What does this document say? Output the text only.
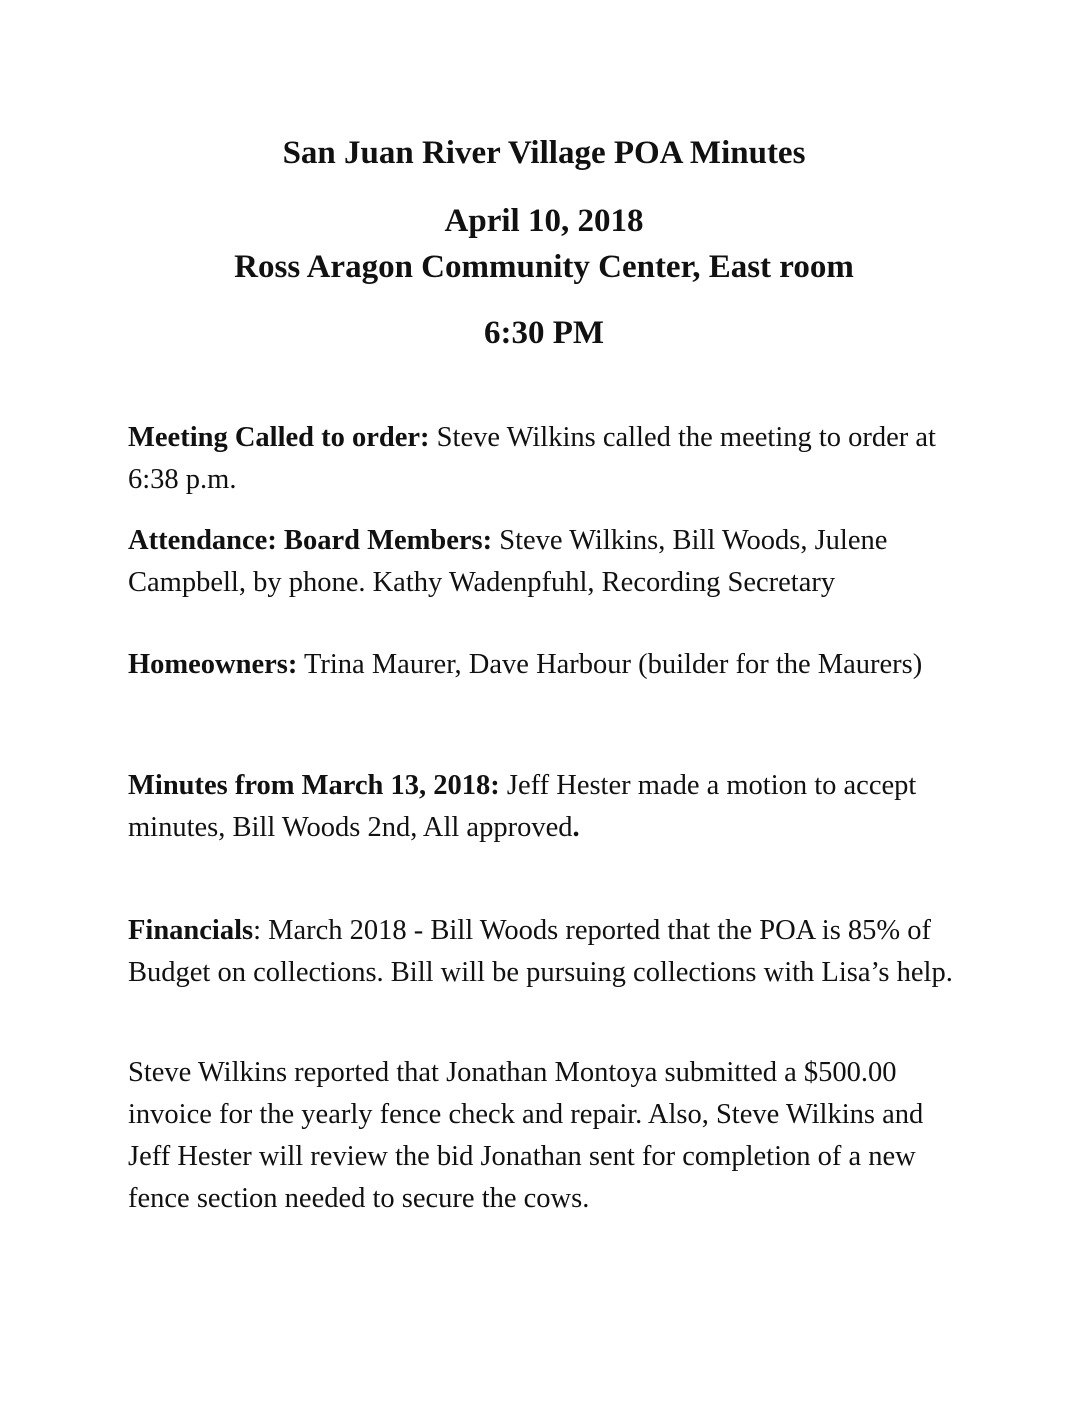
San Juan River Village POA Minutes
April 10, 2018
Ross Aragon Community Center, East room
6:30 PM

Meeting Called to order: Steve Wilkins called the meeting to order at 6:38 p.m.

Attendance: Board Members: Steve Wilkins, Bill Woods, Julene Campbell, by phone. Kathy Wadenpfuhl, Recording Secretary

Homeowners: Trina Maurer, Dave Harbour (builder for the Maurers)

Minutes from March 13, 2018: Jeff Hester made a motion to accept minutes, Bill Woods 2nd, All approved.

Financials: March 2018 - Bill Woods reported that the POA is 85% of Budget on collections. Bill will be pursuing collections with Lisa’s help.

Steve Wilkins reported that Jonathan Montoya submitted a $500.00 invoice for the yearly fence check and repair. Also, Steve Wilkins and Jeff Hester will review the bid Jonathan sent for completion of a new fence section needed to secure the cows.
